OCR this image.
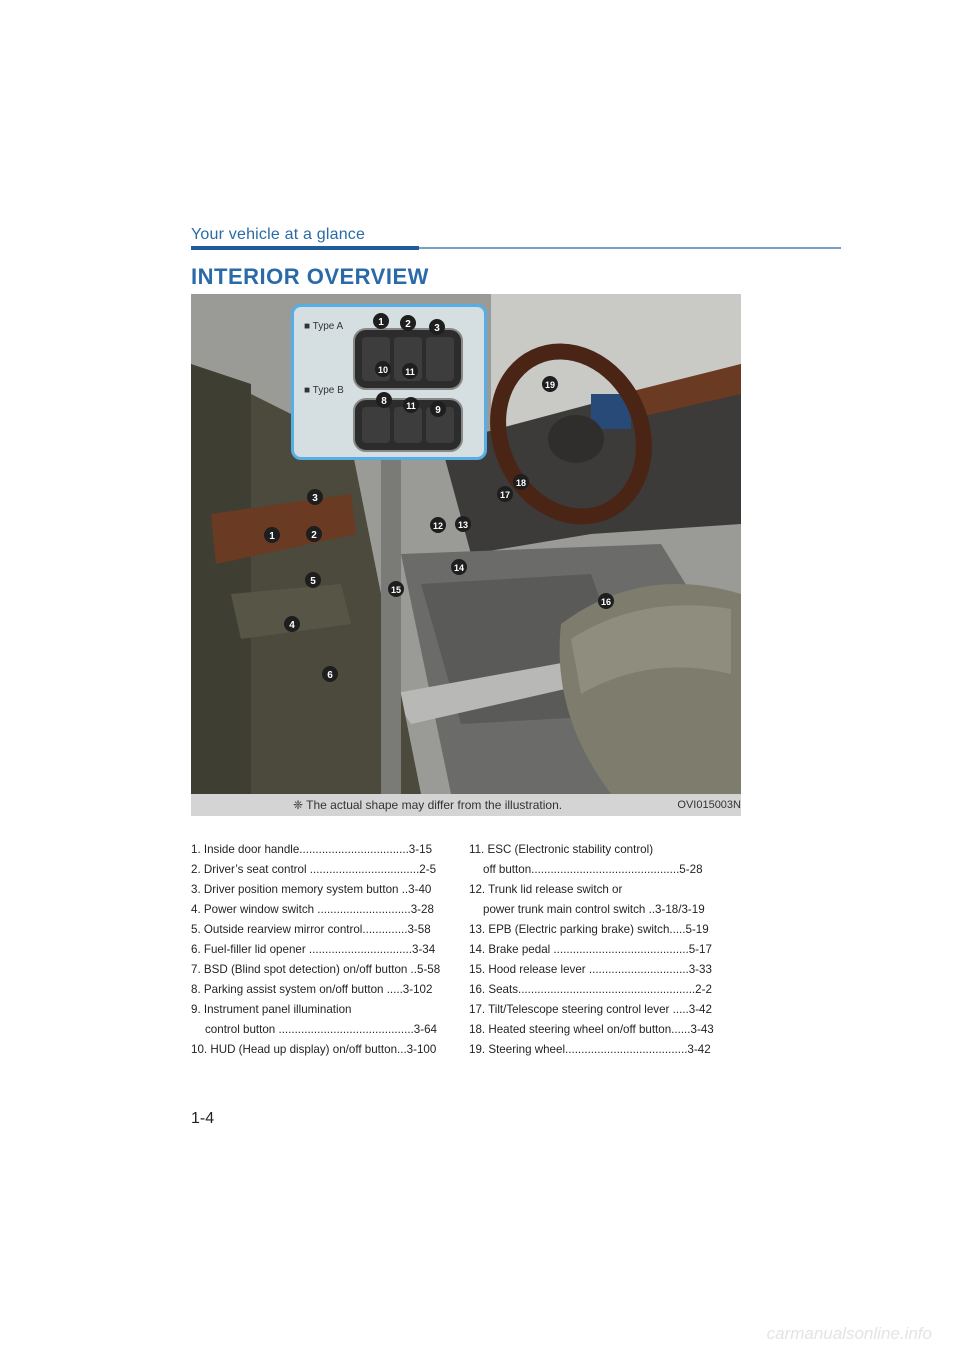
Your vehicle at a glance
INTERIOR OVERVIEW
■ Type A
■ Type B
1 2 3
10 11
8 11 9
19
18
17
3
2
1
12 13
14
15
5
4
16
6
❈ The actual shape may differ from the illustration.	OVI015003N
1. Inside door handle..................................3-15
2. Driver’s seat control ..................................2-5
3. Driver position memory system button ..3-40
4. Power window switch .............................3-28
5. Outside rearview mirror control..............3-58
6. Fuel-filler lid opener ................................3-34
7. BSD (Blind spot detection) on/off button ..5-58
8. Parking assist system on/off button .....3-102
9. Instrument panel illumination
control button ..........................................3-64
10. HUD (Head up display) on/off button...3-100
11. ESC (Electronic stability control)
off button..............................................5-28
12. Trunk lid release switch or
power trunk main control switch ..3-18/3-19
13. EPB (Electric parking brake) switch.....5-19
14. Brake pedal ..........................................5-17
15. Hood release lever ...............................3-33
16. Seats.......................................................2-2
17. Tilt/Telescope steering control lever .....3-42
18. Heated steering wheel on/off button......3-43
19. Steering wheel......................................3-42
1-4
carmanualsonline.info
